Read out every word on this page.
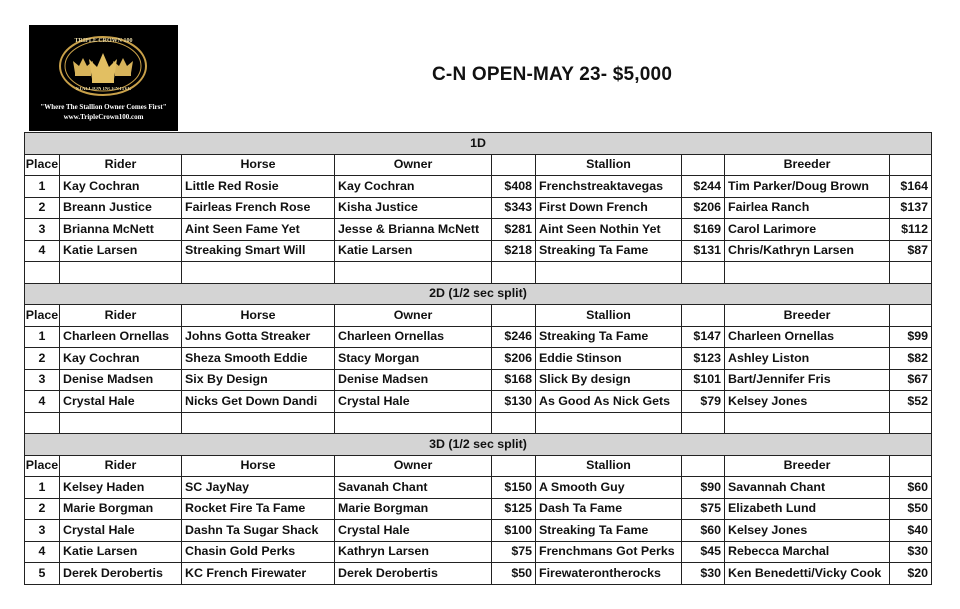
TRIPLE CROWN 100
STALLION INCENTIVE
"Where The Stallion Owner Comes First"
www.TripleCrown100.com
C-N OPEN-MAY 23- $5,000
1D								
Place	Rider	Horse	Owner		Stallion		Breeder	
1	Kay Cochran	Little Red Rosie	Kay Cochran	$408	Frenchstreaktavegas	$244	Tim Parker/Doug Brown	$164
2	Breann Justice	Fairleas French Rose	Kisha Justice	$343	First Down French	$206	Fairlea Ranch	$137
3	Brianna McNett	Aint Seen Fame Yet	Jesse & Brianna McNett	$281	Aint Seen Nothin Yet	$169	Carol Larimore	$112
4	Katie Larsen	Streaking Smart Will	Katie Larsen	$218	Streaking Ta Fame	$131	Chris/Kathryn Larsen	$87

2D (1/2 sec split)								
Place	Rider	Horse	Owner		Stallion		Breeder	
1	Charleen Ornellas	Johns Gotta Streaker	Charleen Ornellas	$246	Streaking Ta Fame	$147	Charleen Ornellas	$99
2	Kay Cochran	Sheza Smooth Eddie	Stacy Morgan	$206	Eddie Stinson	$123	Ashley Liston	$82
3	Denise Madsen	Six By Design	Denise Madsen	$168	Slick By design	$101	Bart/Jennifer Fris	$67
4	Crystal Hale	Nicks Get Down Dandi	Crystal Hale	$130	As Good As Nick Gets	$79	Kelsey Jones	$52

3D (1/2 sec split)								
Place	Rider	Horse	Owner		Stallion		Breeder	
1	Kelsey Haden	SC JayNay	Savanah Chant	$150	A Smooth Guy	$90	Savannah Chant	$60
2	Marie Borgman	Rocket Fire Ta Fame	Marie Borgman	$125	Dash Ta Fame	$75	Elizabeth Lund	$50
3	Crystal Hale	Dashn Ta Sugar Shack	Crystal Hale	$100	Streaking Ta Fame	$60	Kelsey Jones	$40
4	Katie Larsen	Chasin Gold Perks	Kathryn Larsen	$75	Frenchmans Got Perks	$45	Rebecca Marchal	$30
5	Derek Derobertis	KC French Firewater	Derek Derobertis	$50	Firewaterontherocks	$30	Ken Benedetti/Vicky Cook	$20
